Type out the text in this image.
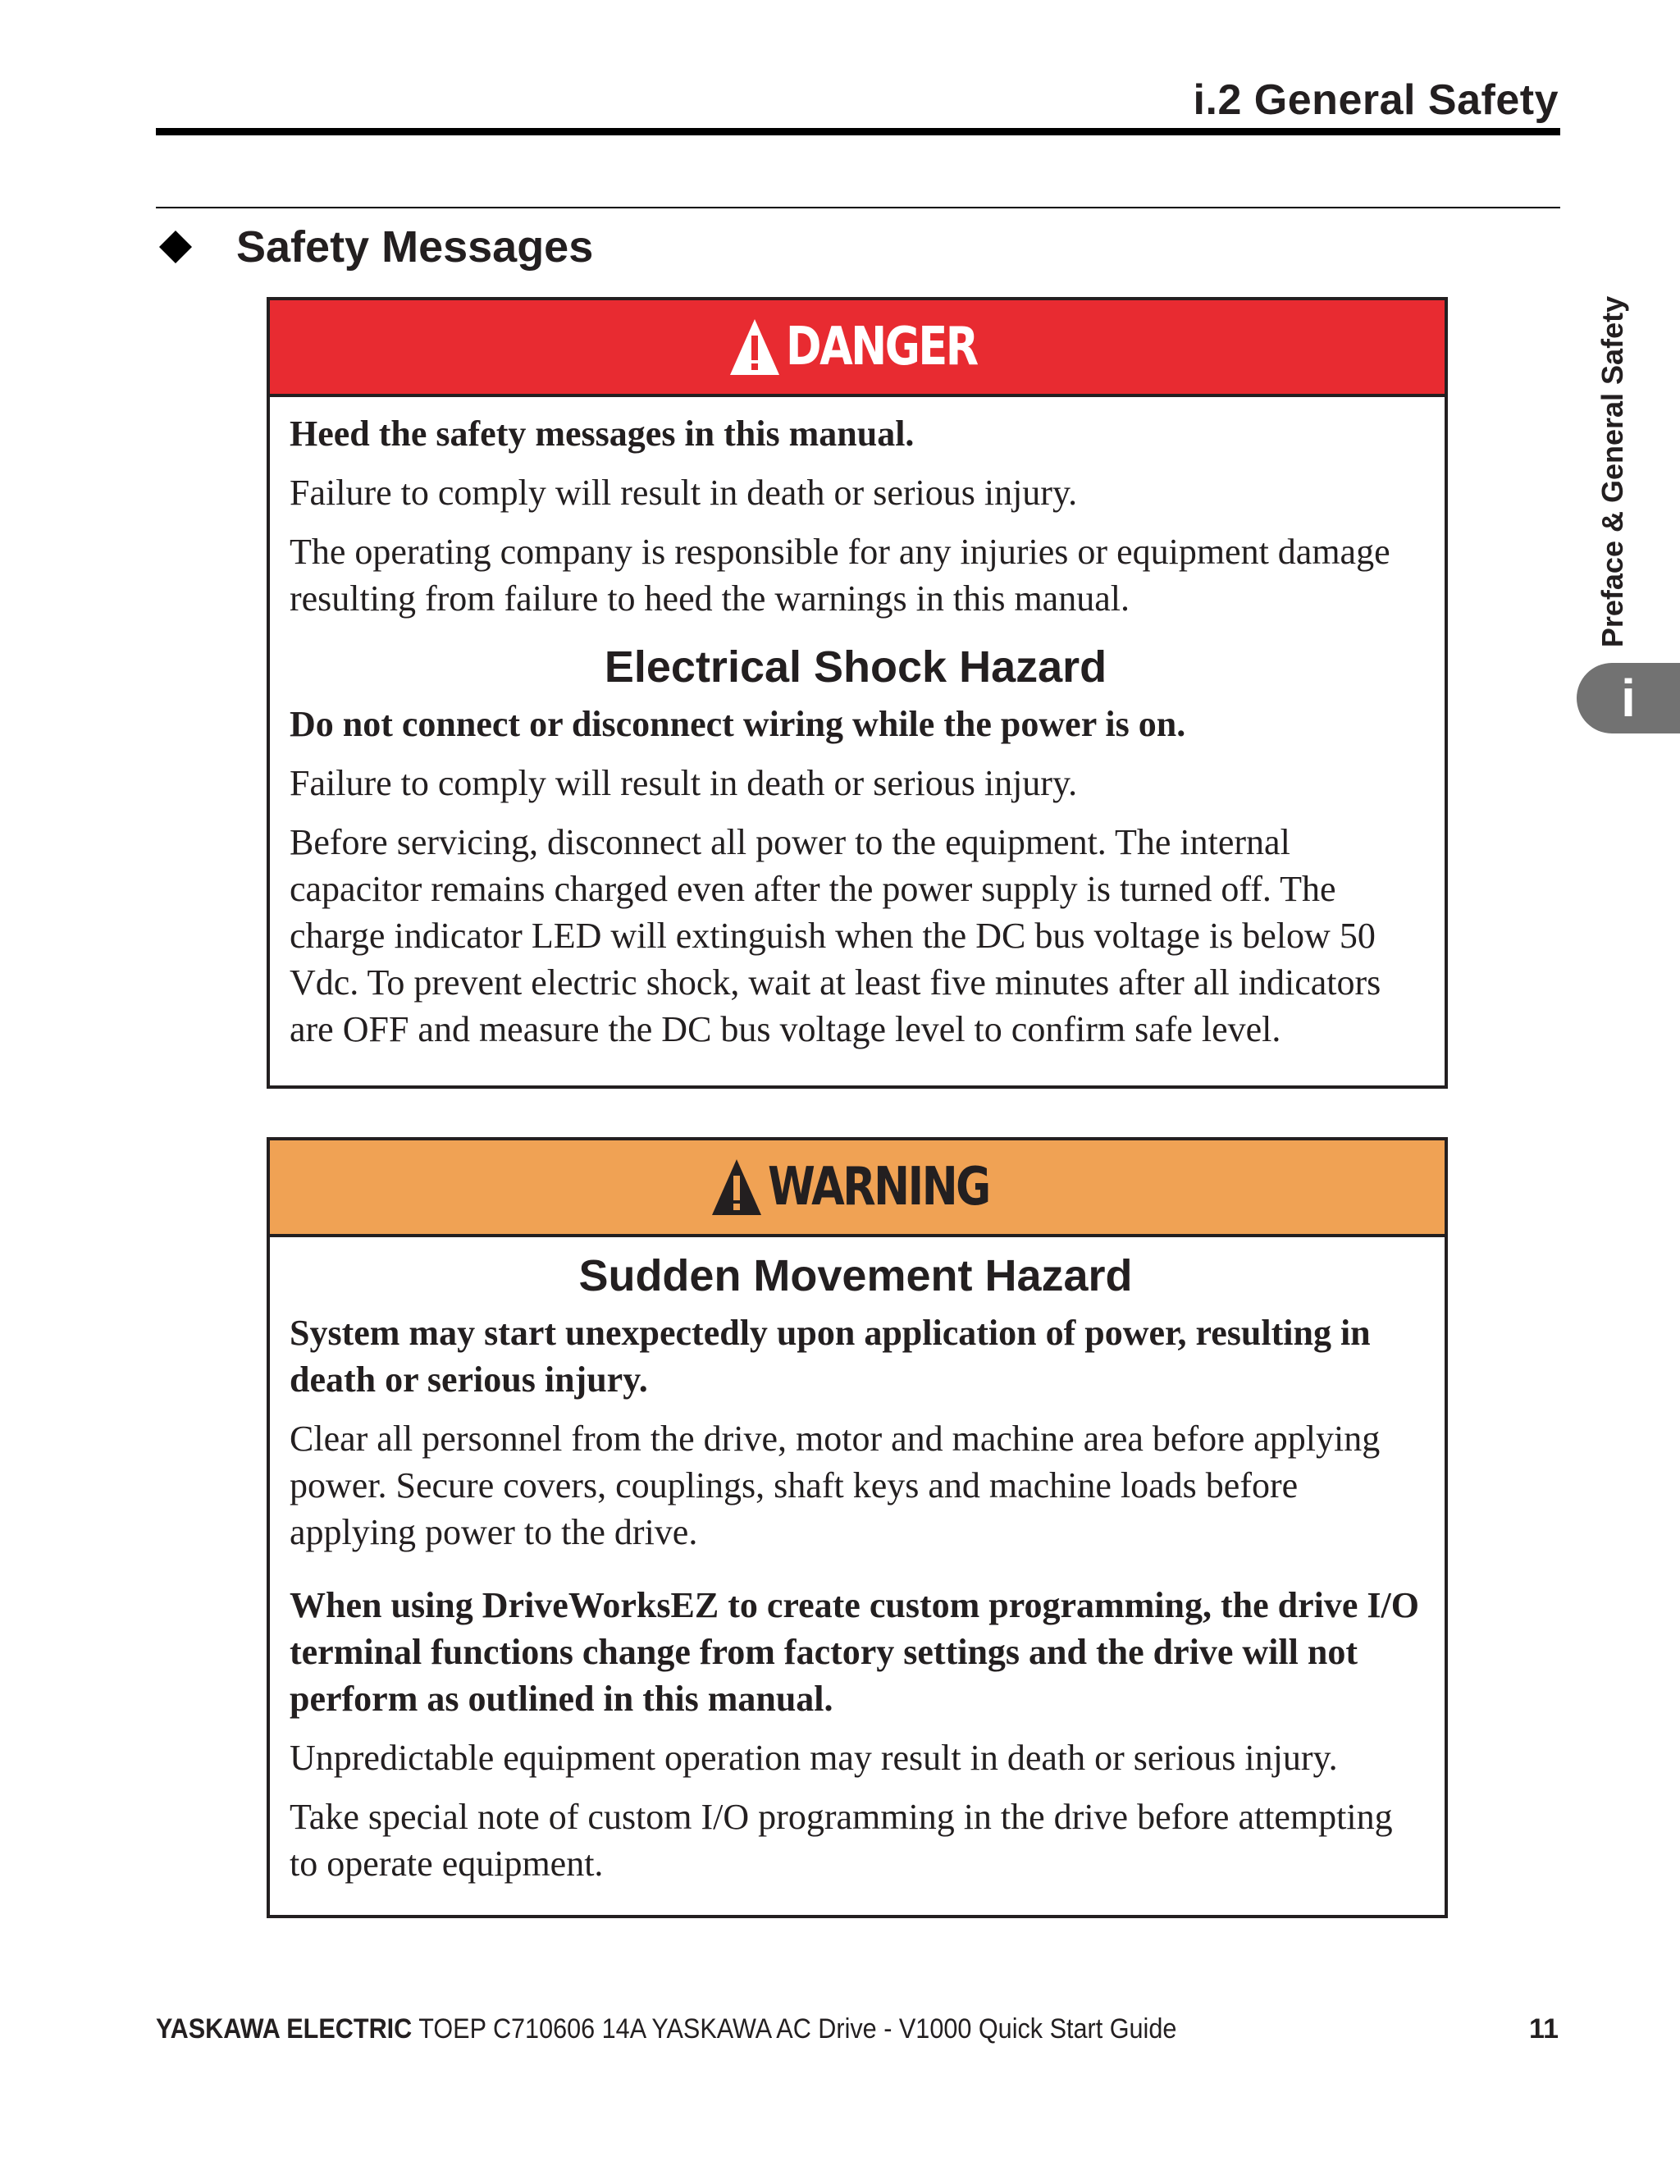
i.2 General Safety
Safety Messages
Preface & General Safety
i
DANGER

Heed the safety messages in this manual.

Failure to comply will result in death or serious injury.

The operating company is responsible for any injuries or equipment damage resulting from failure to heed the warnings in this manual.

Electrical Shock Hazard

Do not connect or disconnect wiring while the power is on.

Failure to comply will result in death or serious injury.

Before servicing, disconnect all power to the equipment. The internal capacitor remains charged even after the power supply is turned off. The charge indicator LED will extinguish when the DC bus voltage is below 50 Vdc. To prevent electric shock, wait at least five minutes after all indicators are OFF and measure the DC bus voltage level to confirm safe level.

WARNING

Sudden Movement Hazard

System may start unexpectedly upon application of power, resulting in death or serious injury.

Clear all personnel from the drive, motor and machine area before applying power. Secure covers, couplings, shaft keys and machine loads before applying power to the drive.

When using DriveWorksEZ to create custom programming, the drive I/O terminal functions change from factory settings and the drive will not perform as outlined in this manual.

Unpredictable equipment operation may result in death or serious injury.

Take special note of custom I/O programming in the drive before attempting to operate equipment.

YASKAWA ELECTRIC TOEP C710606 14A YASKAWA AC Drive - V1000 Quick Start Guide	11
